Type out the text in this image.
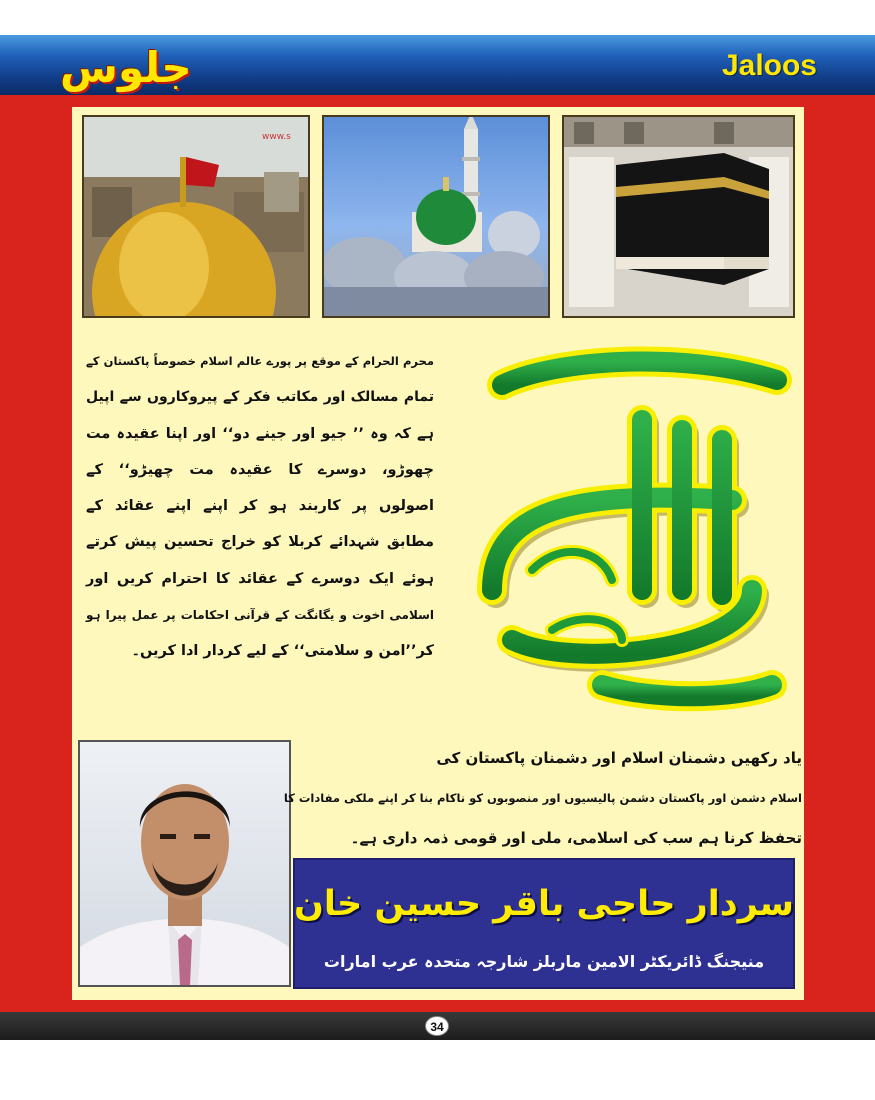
جلوس	Jaloos
www.s
محرم الحرام کے موقع پر پورے عالم اسلام خصوصاً پاکستان کے
تمام مسالک اور مکاتب فکر کے پیروکاروں سے اپیل
ہے کہ وہ ’’ جیو اور جینے دو‘‘ اور اپنا عقیدہ مت
چھوڑو، دوسرے کا عقیدہ مت چھیڑو‘‘ کے
اصولوں پر کاربند ہو کر اپنے اپنے عقائد کے
مطابق شہدائے کربلا کو خراج تحسین پیش کرتے
ہوئے ایک دوسرے کے عقائد کا احترام کریں اور
اسلامی اخوت و یگانگت کے قرآنی احکامات پر عمل پیرا ہو
کر’’امن و سلامتی‘‘ کے لیے کردار ادا کریں۔
یاد رکھیں دشمنان اسلام اور دشمنان پاکستان کی
اسلام دشمن اور پاکستان دشمن پالیسیوں اور منصوبوں کو ناکام بنا کر اپنے ملکی مفادات کا
تحفظ کرنا ہم سب کی اسلامی، ملی اور قومی ذمہ داری ہے۔
سردار حاجی باقر حسین خان
منیجنگ ڈائریکٹر الامین ماربلز شارجہ متحدہ عرب امارات
34
